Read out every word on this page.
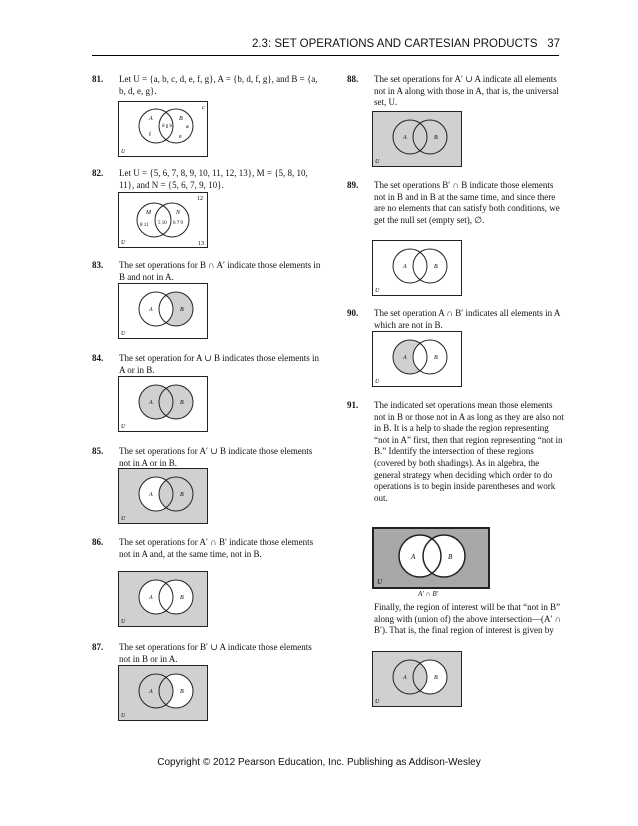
2.3: SET OPERATIONS AND CARTESIAN PRODUCTS 37
81. Let U = {a, b, c, d, e, f, g}, A = {b, d, f, g}, and B = {a, b, d, e, g}.
c
A	B
f
d g b a
e
U
82. Let U = {5, 6, 7, 8, 9, 10, 11, 12, 13}, M = {5, 8, 10, 11}, and N = {5, 6, 7, 9, 10}.
12
13
M	N
8 11 5 10 6 7 9
U
83. The set operations for B ∩ A′ indicate those elements in B and not in A.
A	B
U
84. The set operation for A ∪ B indicates those elements in A or in B.
A	B
U
85. The set operations for A′ ∪ B indicate those elements not in A or in B.
A	B
U
86. The set operations for A′ ∩ B′ indicate those elements not in A and, at the same time, not in B.
A	B
U
87. The set operations for B′ ∪ A indicate those elements not in B or in A.
A	B
U
88. The set operations for A′ ∪ A indicate all elements not in A along with those in A, that is, the universal set, U.
A	B
U
89. The set operations B′ ∩ B indicate those elements not in B and in B at the same time, and since there are no elements that can satisfy both conditions, we get the null set (empty set), ∅.
A	B
U
90. The set operation A ∩ B′ indicates all elements in A which are not in B.
A	B
U
91. The indicated set operations mean those elements not in B or those not in A as long as they are also not in B. It is a help to shade the region representing “not in A” first, then that region representing “not in B.” Identify the intersection of these regions (covered by both shadings). As in algebra, the general strategy when deciding which order to do operations is to begin inside parentheses and work out.
A	B
U
A′ ∩ B′
Finally, the region of interest will be that “not in B” along with (union of) the above intersection—(A′ ∩ B′). That is, the final region of interest is given by
A	B
U
Copyright © 2012 Pearson Education, Inc. Publishing as Addison-Wesley
